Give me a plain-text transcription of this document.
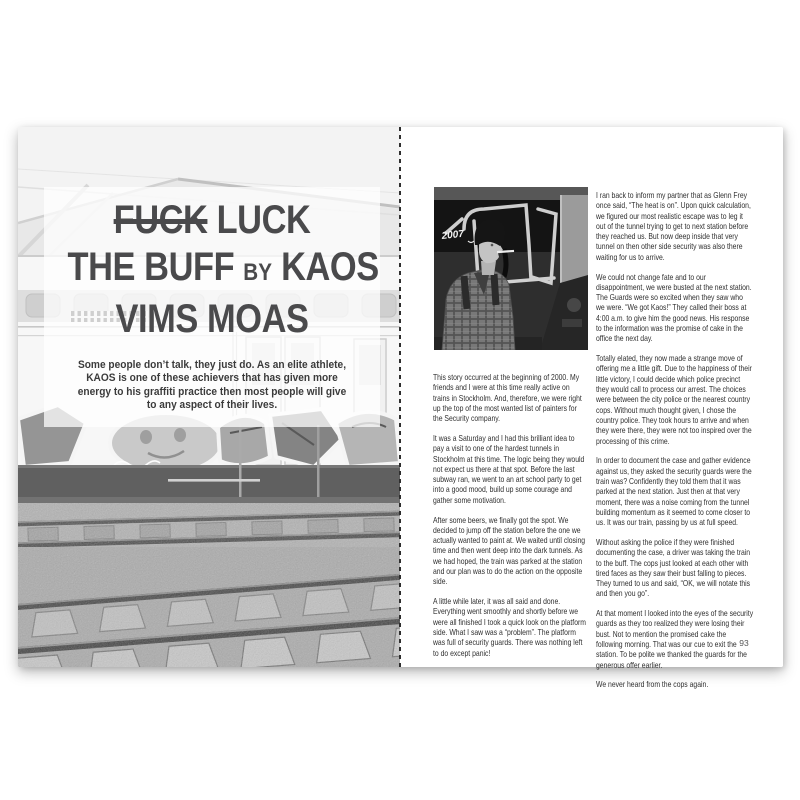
FUCK LUCK
THE BUFF BY KAOS
VIMS MOAS

Some people don’t talk, they just do. As an elite athlete, KAOS is one of these achievers that has given more energy to his graffiti practice then most people will give to any aspect of their lives.

2007

This story occurred at the beginning of 2000. My friends and I were at this time really active on trains in Stockholm. And, therefore, we were right up the top of the most wanted list of painters for the Security company.

It was a Saturday and I had this brilliant idea to pay a visit to one of the hardest tunnels in Stockholm at this time. The logic being they would not expect us there at that spot. Before the last subway ran, we went to an art school party to get into a good mood, build up some courage and gather some motivation.

After some beers, we finally got the spot. We decided to jump off the station before the one we actually wanted to paint at. We waited until closing time and then went deep into the dark tunnels. As we had hoped, the train was parked at the station and our plan was to do the action on the opposite side.

A little while later, it was all said and done. Everything went smoothly and shortly before we were all finished I took a quick look on the platform side. What I saw was a “problem”. The platform was full of security guards. There was nothing left to do except panic!

I ran back to inform my partner that as Glenn Frey once said, “The heat is on”. Upon quick calculation, we figured our most realistic escape was to leg it out of the tunnel trying to get to next station before they reached us. But now deep inside that very tunnel on then other side security was also there waiting for us to arrive.

We could not change fate and to our disappointment, we were busted at the next station. The Guards were so excited when they saw who we were. “We got Kaos!” They called their boss at 4:00 a.m. to give him the good news. His response to the information was the promise of cake in the office the next day.

Totally elated, they now made a strange move of offering me a little gift. Due to the happiness of their little victory, I could decide which police precinct they would call to process our arrest. The choices were between the city police or the nearest country cops. Without much thought given, I chose the country police. They took hours to arrive and when they were there, they were not too inspired over the processing of this crime.

In order to document the case and gather evidence against us, they asked the security guards were the train was? Confidently they told them that it was parked at the next station. Just then at that very moment, there was a noise coming from the tunnel building momentum as it seemed to come closer to us. It was our train, passing by us at full speed.

Without asking the police if they were finished documenting the case, a driver was taking the train to the buff. The cops just looked at each other with tired faces as they saw their bust falling to pieces. They turned to us and said, “OK, we will notate this and then you go”.

At that moment I looked into the eyes of the security guards as they too realized they were losing their bust. Not to mention the promised cake the following morning. That was our cue to exit the station. To be polite we thanked the guards for the generous offer earlier.

We never heard from the cops again.

93
